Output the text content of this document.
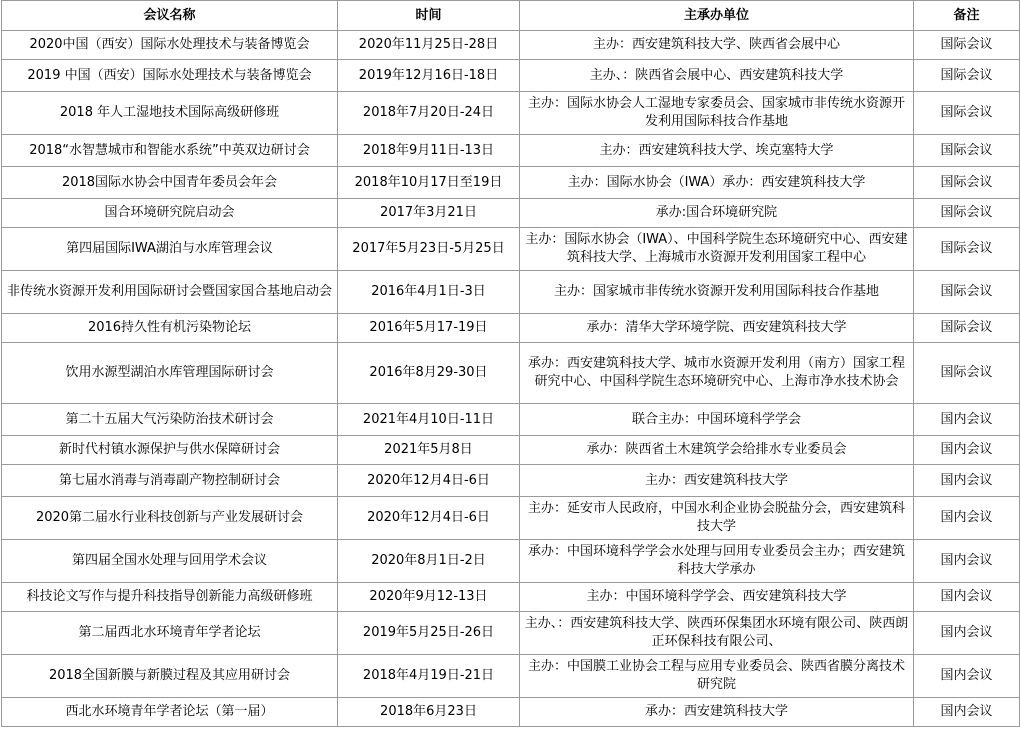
会议名称	时间	主承办单位	备注
2020中国（西安）国际水处理技术与装备博览会	2020年11月25日-28日	主办：西安建筑科技大学、陕西省会展中心	国际会议
2019 中国（西安）国际水处理技术与装备博览会	2019年12月16日-18日	主办、：陕西省会展中心、西安建筑科技大学	国际会议
2018 年人工湿地技术国际高级研修班	2018年7月20日-24日	主办：国际水协会人工湿地专家委员会、国家城市非传统水资源开发利用国际科技合作基地	国际会议
2018“水智慧城市和智能水系统”中英双边研讨会	2018年9月11日-13日	主办：西安建筑科技大学、埃克塞特大学	国际会议
2018国际水协会中国青年委员会年会	2018年10月17日至19日	主办：国际水协会（IWA）承办：西安建筑科技大学	国际会议
国合环境研究院启动会	2017年3月21日	承办:国合环境研究院	国际会议
第四届国际IWA湖泊与水库管理会议	2017年5月23日-5月25日	主办：国际水协会（IWA）、中国科学院生态环境研究中心、西安建筑科技大学、上海城市水资源开发利用国家工程中心	国际会议
非传统水资源开发利用国际研讨会暨国家国合基地启动会	2016年4月1日-3日	主办：国家城市非传统水资源开发利用国际科技合作基地	国际会议
2016持久性有机污染物论坛	2016年5月17-19日	承办：清华大学环境学院、西安建筑科技大学	国际会议
饮用水源型湖泊水库管理国际研讨会	2016年8月29-30日	承办：西安建筑科技大学、城市水资源开发利用（南方）国家工程研究中心、中国科学院生态环境研究中心、上海市净水技术协会	国际会议
第二十五届大气污染防治技术研讨会	2021年4月10日-11日	联合主办：中国环境科学学会	国内会议
新时代村镇水源保护与供水保障研讨会	2021年5月8日	承办：陕西省土木建筑学会给排水专业委员会	国内会议
第七届水消毒与消毒副产物控制研讨会	2020年12月4日-6日	主办：西安建筑科技大学	国内会议
2020第二届水行业科技创新与产业发展研讨会	2020年12月4日-6日	主办：延安市人民政府，中国水利企业协会脱盐分会，西安建筑科技大学	国内会议
第四届全国水处理与回用学术会议	2020年8月1日-2日	承办：中国环境科学学会水处理与回用专业委员会主办；西安建筑科技大学承办	国内会议
科技论文写作与提升科技指导创新能力高级研修班	2020年9月12-13日	主办：中国环境科学学会、西安建筑科技大学	国内会议
第二届西北水环境青年学者论坛	2019年5月25日-26日	主办、：西安建筑科技大学、陕西环保集团水环境有限公司、陕西朗正环保科技有限公司、	国内会议
2018全国新膜与新膜过程及其应用研讨会	2018年4月19日-21日	主办：中国膜工业协会工程与应用专业委员会、陕西省膜分离技术研究院	国内会议
西北水环境青年学者论坛（第一届）	2018年6月23日	承办：西安建筑科技大学	国内会议
